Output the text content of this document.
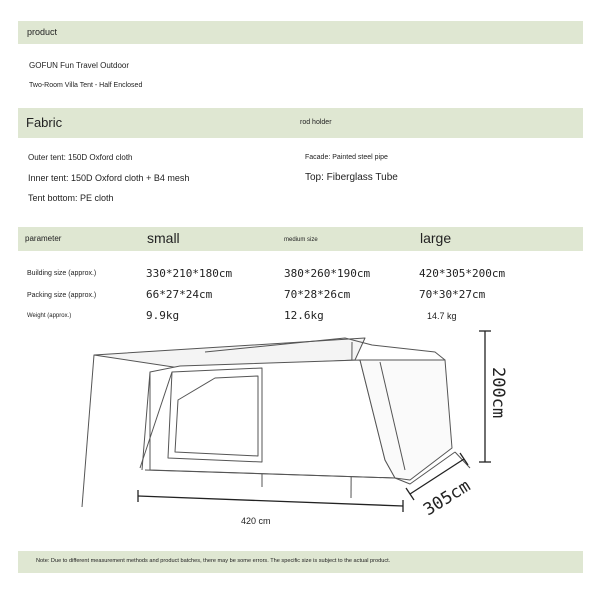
product
GOFUN Fun Travel Outdoor
Two-Room Villa Tent - Half Enclosed
Fabric	rod holder
Outer tent: 150D Oxford cloth
Inner tent: 150D Oxford cloth + B4 mesh
Tent bottom: PE cloth
Facade: Painted steel pipe
Top: Fiberglass Tube
parameter	small	medium size	large
Building size (approx.)	330*210*180cm	380*260*190cm	420*305*200cm
Packing size (approx.)	66*27*24cm	70*28*26cm	70*30*27cm
Weight (approx.)	9.9kg	12.6kg	14.7 kg
200cm
305cm
420 cm
Note: Due to different measurement methods and product batches, there may be some errors. The specific size is subject to the actual product.
